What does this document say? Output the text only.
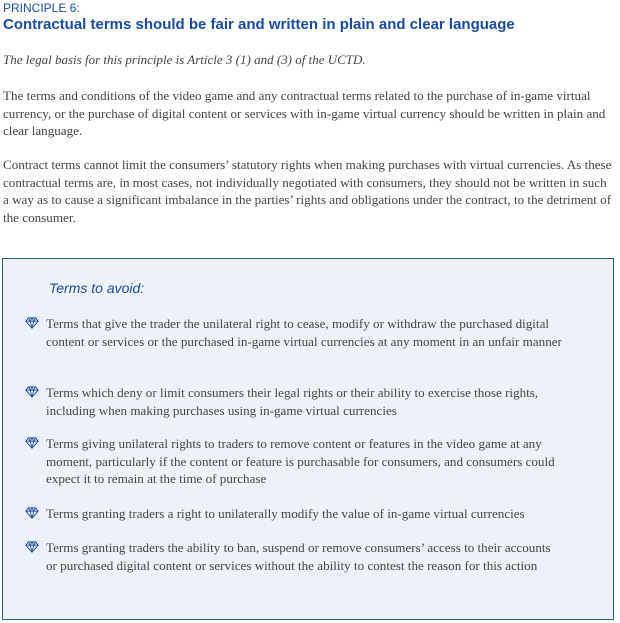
PRINCIPLE 6:
Contractual terms should be fair and written in plain and clear language
The legal basis for this principle is Article 3 (1) and (3) of the UCTD.

The terms and conditions of the video game and any contractual terms related to the purchase of in-game virtual currency, or the purchase of digital content or services with in-game virtual currency should be written in plain and clear language.

Contract terms cannot limit the consumers’ statutory rights when making purchases with virtual currencies. As these contractual terms are, in most cases, not individually negotiated with consumers, they should not be written in such a way as to cause a significant imbalance in the parties’ rights and obligations under the contract, to the detriment of the consumer.

Terms to avoid:
Terms that give the trader the unilateral right to cease, modify or withdraw the purchased digital content or services or the purchased in-game virtual currencies at any moment in an unfair manner
Terms which deny or limit consumers their legal rights or their ability to exercise those rights, including when making purchases using in-game virtual currencies
Terms giving unilateral rights to traders to remove content or features in the video game at any moment, particularly if the content or feature is purchasable for consumers, and consumers could expect it to remain at the time of purchase
Terms granting traders a right to unilaterally modify the value of in-game virtual currencies
Terms granting traders the ability to ban, suspend or remove consumers’ access to their accounts or purchased digital content or services without the ability to contest the reason for this action
